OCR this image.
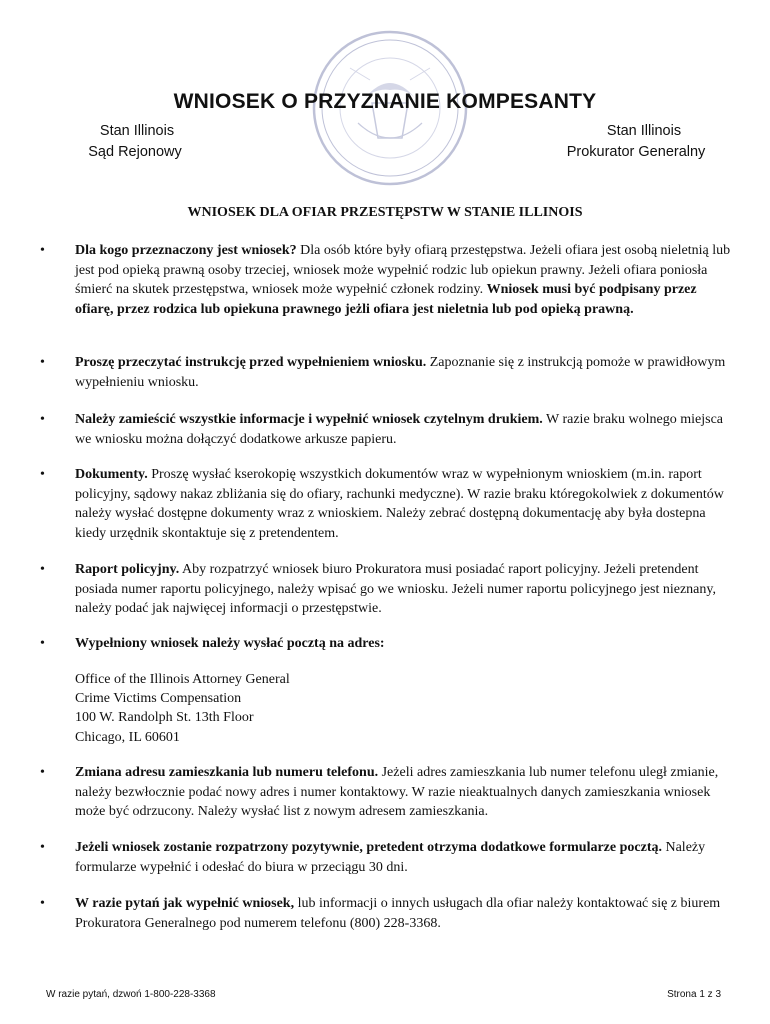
WNIOSEK O PRZYZNANIE KOMPESANTY
Stan Illinois
Sąd Rejonowy
Stan Illinois
Prokurator Generalny
WNIOSEK DLA OFIAR PRZESTĘPSTW W STANIE ILLINOIS
•	Dla kogo przeznaczony jest wniosek? Dla osób które były ofiarą przestępstwa. Jeżeli ofiara jest osobą nieletnią lub jest pod opieką prawną osoby trzeciej, wniosek może wypełnić rodzic lub opiekun prawny. Jeżeli ofiara poniosła śmierć na skutek przestępstwa, wniosek może wypełnić członek rodziny. Wniosek musi być podpisany przez ofiarę, przez rodzica lub opiekuna prawnego jeżli ofiara jest nieletnia lub pod opieką prawną.
•	Proszę przeczytać instrukcję przed wypełnieniem wniosku. Zapoznanie się z instrukcją pomoże w prawidłowym wypełnieniu wniosku.
•	Należy zamieścić wszystkie informacje i wypełnić wniosek czytelnym drukiem. W razie braku wolnego miejsca we wniosku można dołączyć dodatkowe arkusze papieru.
•	Dokumenty. Proszę wysłać kserokopię wszystkich dokumentów wraz w wypełnionym wnioskiem (m.in. raport policyjny, sądowy nakaz zbliżania się do ofiary, rachunki medyczne). W razie braku któregokolwiek z dokumentów należy wysłać dostępne dokumenty wraz z wnioskiem. Należy zebrać dostępną dokumentację aby była dostepna kiedy urzędnik skontaktuje się z pretendentem.
•	Raport policyjny. Aby rozpatrzyć wniosek biuro Prokuratora musi posiadać raport policyjny. Jeżeli pretendent posiada numer raportu policyjnego, należy wpisać go we wniosku. Jeżeli numer raportu policyjnego jest nieznany, należy podać jak najwięcej informacji o przestępstwie.
•	Wypełniony wniosek należy wysłać pocztą na adres:
Office of the Illinois Attorney General
Crime Victims Compensation
100 W. Randolph St. 13th Floor
Chicago, IL 60601
•	Zmiana adresu zamieszkania lub numeru telefonu. Jeżeli adres zamieszkania lub numer telefonu uległ zmianie, należy bezwłocznie podać nowy adres i numer kontaktowy. W razie nieaktualnych danych zamieszkania wniosek może być odrzucony. Należy wysłać list z nowym adresem zamieszkania.
•	Jeżeli wniosek zostanie rozpatrzony pozytywnie, pretedent otrzyma dodatkowe formularze pocztą. Należy formularze wypełnić i odesłać do biura w przeciągu 30 dni.
•	W razie pytań jak wypełnić wniosek, lub informacji o innych usługach dla ofiar należy kontaktować się z biurem Prokuratora Generalnego pod numerem telefonu (800) 228-3368.
W razie pytań, dzwoń 1-800-228-3368	Strona 1 z 3
